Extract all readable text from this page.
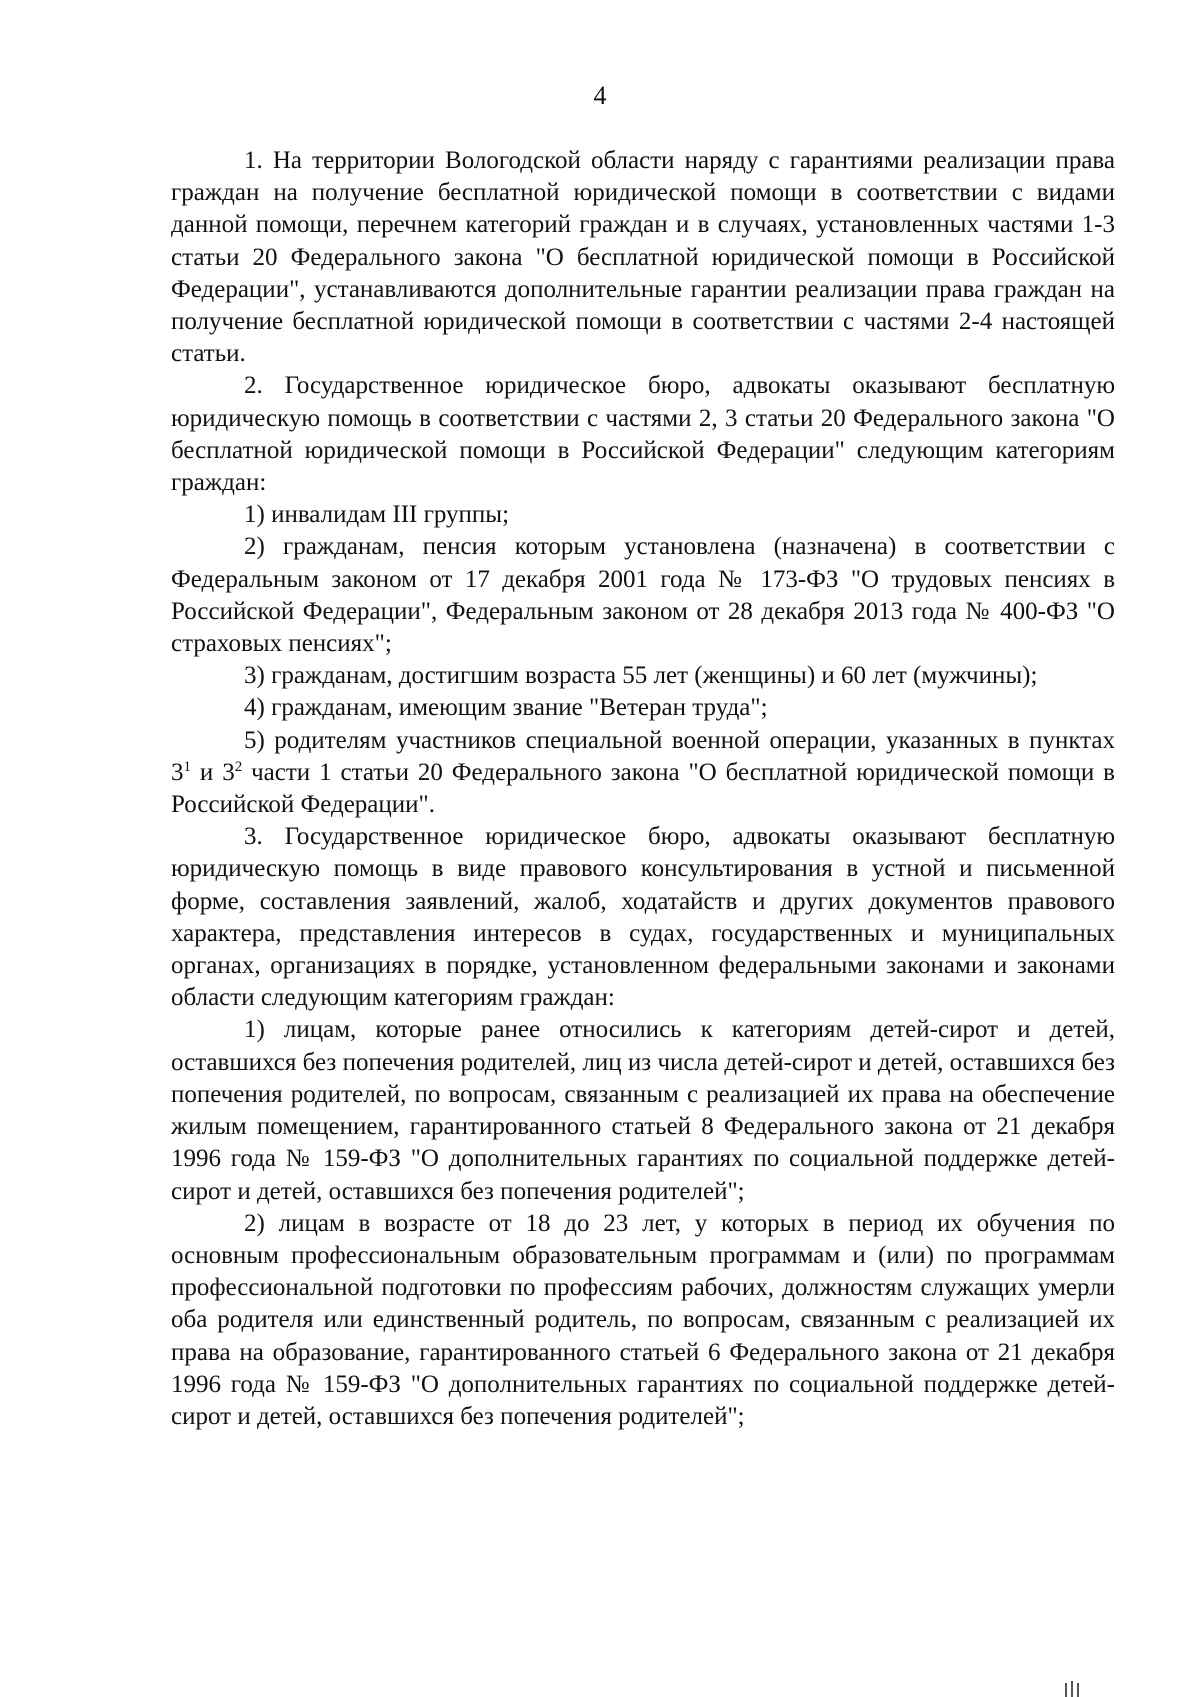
4

1. На территории Вологодской области наряду с гарантиями реализации права граждан на получение бесплатной юридической помощи в соответствии с видами данной помощи, перечнем категорий граждан и в случаях, установленных частями 1-3 статьи 20 Федерального закона "О бесплатной юридической помощи в Российской Федерации", устанавливаются дополнительные гарантии реализации права граждан на получение бесплатной юридической помощи в соответствии с частями 2-4 настоящей статьи.

2. Государственное юридическое бюро, адвокаты оказывают бесплатную юридическую помощь в соответствии с частями 2, 3 статьи 20 Федерального закона "О бесплатной юридической помощи в Российской Федерации" следующим категориям граждан:

1) инвалидам III группы;

2) гражданам, пенсия которым установлена (назначена) в соответствии с Федеральным законом от 17 декабря 2001 года № 173-ФЗ "О трудовых пенсиях в Российской Федерации", Федеральным законом от 28 декабря 2013 года № 400-ФЗ "О страховых пенсиях";

3) гражданам, достигшим возраста 55 лет (женщины) и 60 лет (мужчины);

4) гражданам, имеющим звание "Ветеран труда";

5) родителям участников специальной военной операции, указанных в пунктах $3^1$ и $3^2$ части 1 статьи 20 Федерального закона "О бесплатной юридической помощи в Российской Федерации".

3. Государственное юридическое бюро, адвокаты оказывают бесплатную юридическую помощь в виде правового консультирования в устной и письменной форме, составления заявлений, жалоб, ходатайств и других документов правового характера, представления интересов в судах, государственных и муниципальных органах, организациях в порядке, установленном федеральными законами и законами области следующим категориям граждан:

1) лицам, которые ранее относились к категориям детей-сирот и детей, оставшихся без попечения родителей, лиц из числа детей-сирот и детей, оставшихся без попечения родителей, по вопросам, связанным с реализацией их права на обеспечение жилым помещением, гарантированного статьей 8 Федерального закона от 21 декабря 1996 года № 159-ФЗ "О дополнительных гарантиях по социальной поддержке детей-сирот и детей, оставшихся без попечения родителей";

2) лицам в возрасте от 18 до 23 лет, у которых в период их обучения по основным профессиональным образовательным программам и (или) по программам профессиональной подготовки по профессиям рабочих, должностям служащих умерли оба родителя или единственный родитель, по вопросам, связанным с реализацией их права на образование, гарантированного статьей 6 Федерального закона от 21 декабря 1996 года № 159-ФЗ "О дополнительных гарантиях по социальной поддержке детей-сирот и детей, оставшихся без попечения родителей";
